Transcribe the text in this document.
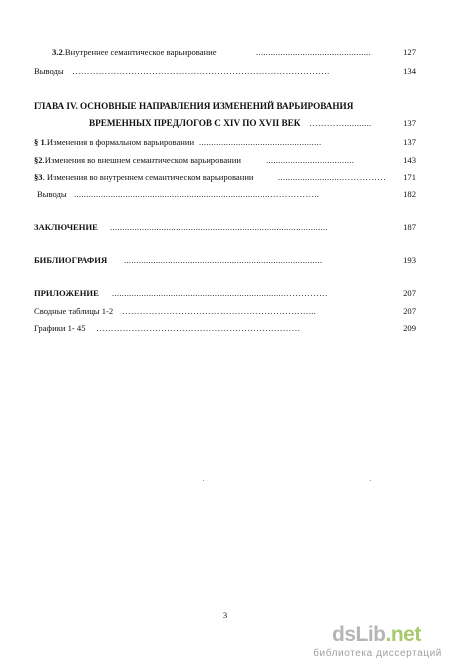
3.2.Внутреннее семантическое варьирование	...............................................	127
Выводы ……………………………………………………………………………	134
ГЛАВА IV. ОСНОВНЫЕ НАПРАВЛЕНИЯ ИЗМЕНЕНИЙ ВАРЬИРОВАНИЯ
ВРЕМЕННЫХ ПРЕДЛОГОВ С XIV ПО XVII ВЕК …………...........	137
§ 1.Изменения в формальном варьировании ..................................................	137
§2.Изменения во внешнем семантическом варьировании	....................................	143
§3. Изменения во внутреннем семантическом варьировании	..........................……………	171
Выводы ................................................................................……………..	182
ЗАКЛЮЧЕНИЕ .........................................................................................	187
БИБЛИОГРАФИЯ .................................................................................	193
ПРИЛОЖЕНИЕ ......................................................................……………	207
Сводные таблицы 1-2 ………………………………………………………...	207
Графики 1- 45 ……………………………………………………………	209
3
dsLib.net
библиотека диссертаций
